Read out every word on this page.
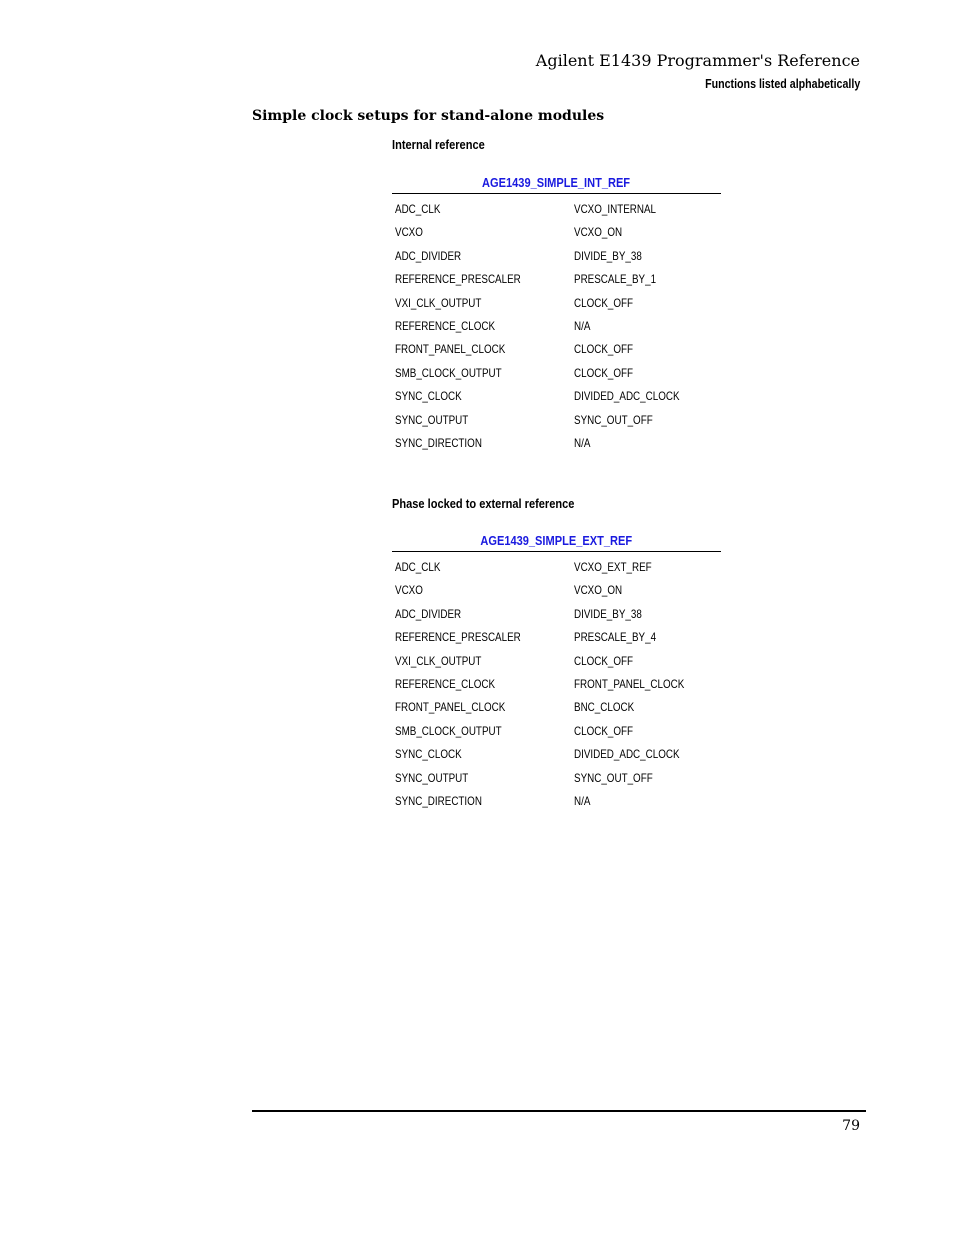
Agilent E1439 Programmer's Reference
Functions listed alphabetically
Simple clock setups for stand-alone modules
Internal reference
AGE1439_SIMPLE_INT_REF
ADC_CLK	VCXO_INTERNAL
VCXO	VCXO_ON
ADC_DIVIDER	DIVIDE_BY_38
REFERENCE_PRESCALER	PRESCALE_BY_1
VXI_CLK_OUTPUT	CLOCK_OFF
REFERENCE_CLOCK	N/A
FRONT_PANEL_CLOCK	CLOCK_OFF
SMB_CLOCK_OUTPUT	CLOCK_OFF
SYNC_CLOCK	DIVIDED_ADC_CLOCK
SYNC_OUTPUT	SYNC_OUT_OFF
SYNC_DIRECTION	N/A
Phase locked to external reference
AGE1439_SIMPLE_EXT_REF
ADC_CLK	VCXO_EXT_REF
VCXO	VCXO_ON
ADC_DIVIDER	DIVIDE_BY_38
REFERENCE_PRESCALER	PRESCALE_BY_4
VXI_CLK_OUTPUT	CLOCK_OFF
REFERENCE_CLOCK	FRONT_PANEL_CLOCK
FRONT_PANEL_CLOCK	BNC_CLOCK
SMB_CLOCK_OUTPUT	CLOCK_OFF
SYNC_CLOCK	DIVIDED_ADC_CLOCK
SYNC_OUTPUT	SYNC_OUT_OFF
SYNC_DIRECTION	N/A
79
